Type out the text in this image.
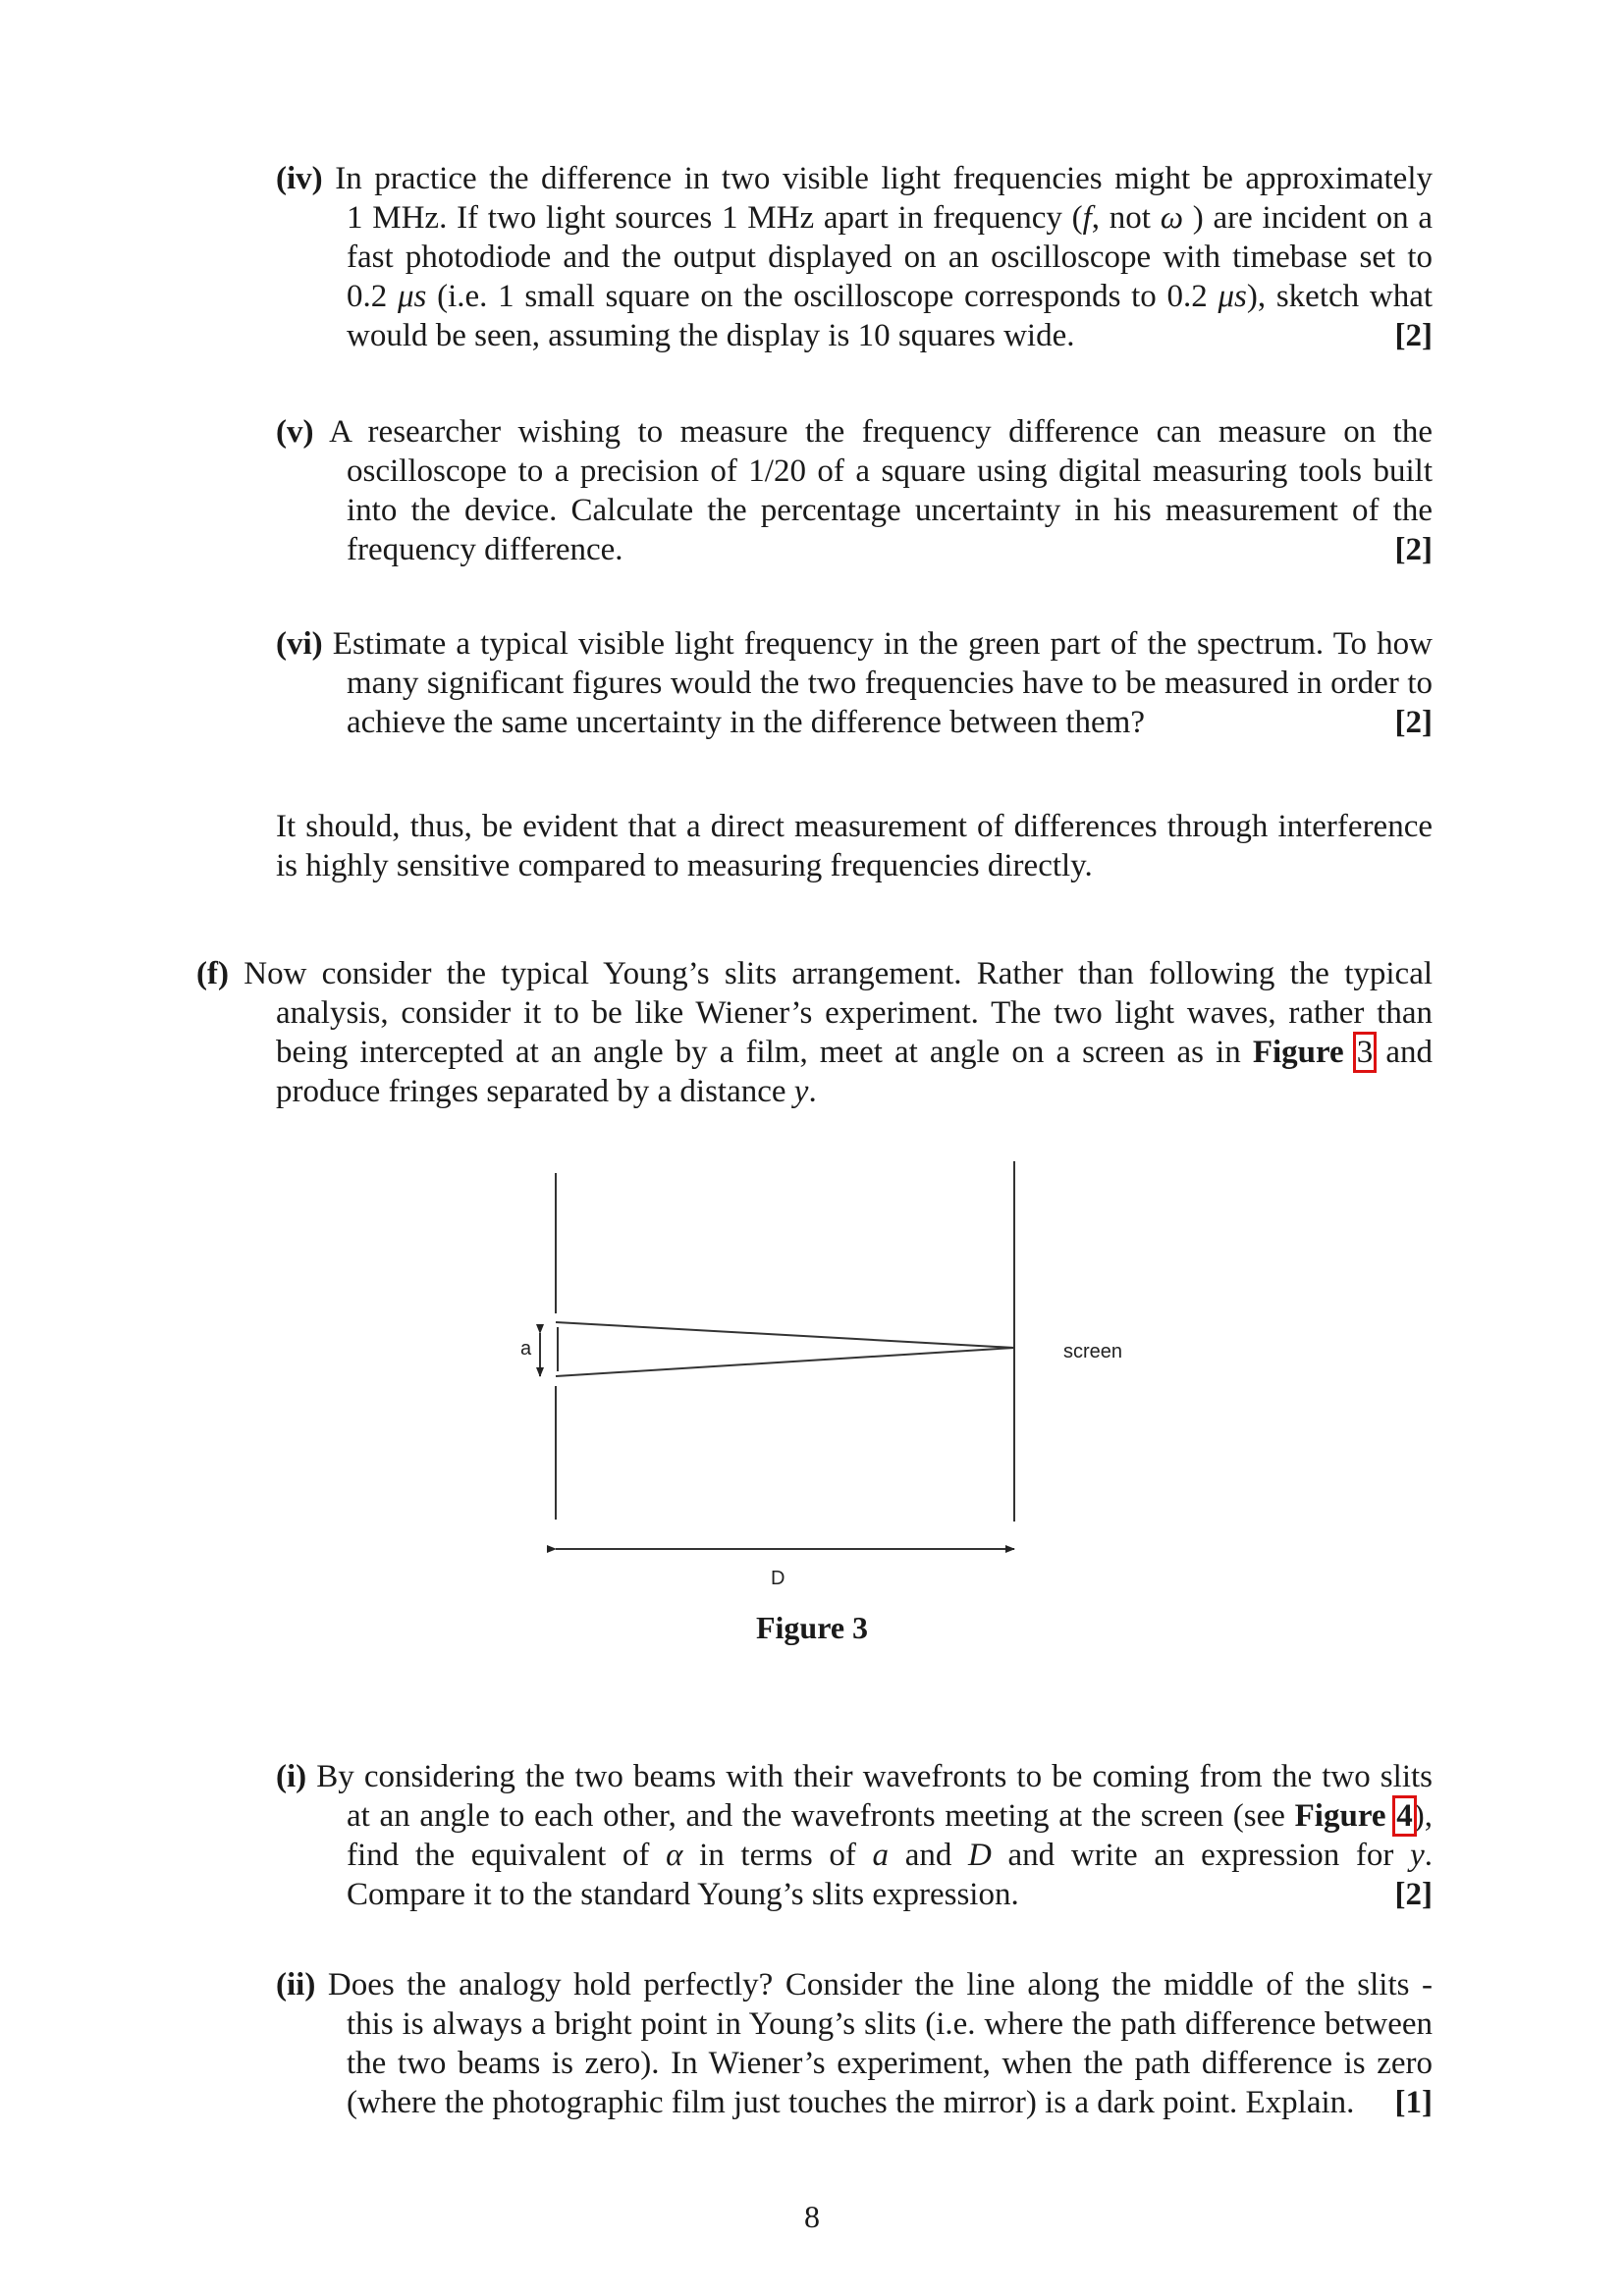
(iv) In practice the difference in two visible light frequencies might be approximately
1 MHz. If two light sources 1 MHz apart in frequency (f, not ω ) are incident on a
fast photodiode and the output displayed on an oscilloscope with timebase set to
0.2 μs (i.e. 1 small square on the oscilloscope corresponds to 0.2 μs), sketch what
would be seen, assuming the display is 10 squares wide.	[2]
(v) A researcher wishing to measure the frequency difference can measure on the
oscilloscope to a precision of 1/20 of a square using digital measuring tools built
into the device. Calculate the percentage uncertainty in his measurement of the
frequency difference.	[2]
(vi) Estimate a typical visible light frequency in the green part of the spectrum. To how
many significant figures would the two frequencies have to be measured in order to
achieve the same uncertainty in the difference between them?	[2]
It should, thus, be evident that a direct measurement of differences through interference
is highly sensitive compared to measuring frequencies directly.
(f) Now consider the typical Young’s slits arrangement. Rather than following the typical
analysis, consider it to be like Wiener’s experiment. The two light waves, rather than
being intercepted at an angle by a film, meet at angle on a screen as in Figure 3 and
produce fringes separated by a distance y.
a	screen
D
Figure 3
(i) By considering the two beams with their wavefronts to be coming from the two slits
at an angle to each other, and the wavefronts meeting at the screen (see Figure 4),
find the equivalent of α in terms of a and D and write an expression for y.
Compare it to the standard Young’s slits expression.	[2]
(ii) Does the analogy hold perfectly? Consider the line along the middle of the slits -
this is always a bright point in Young’s slits (i.e. where the path difference between
the two beams is zero). In Wiener’s experiment, when the path difference is zero
(where the photographic film just touches the mirror) is a dark point. Explain. [1]
8
